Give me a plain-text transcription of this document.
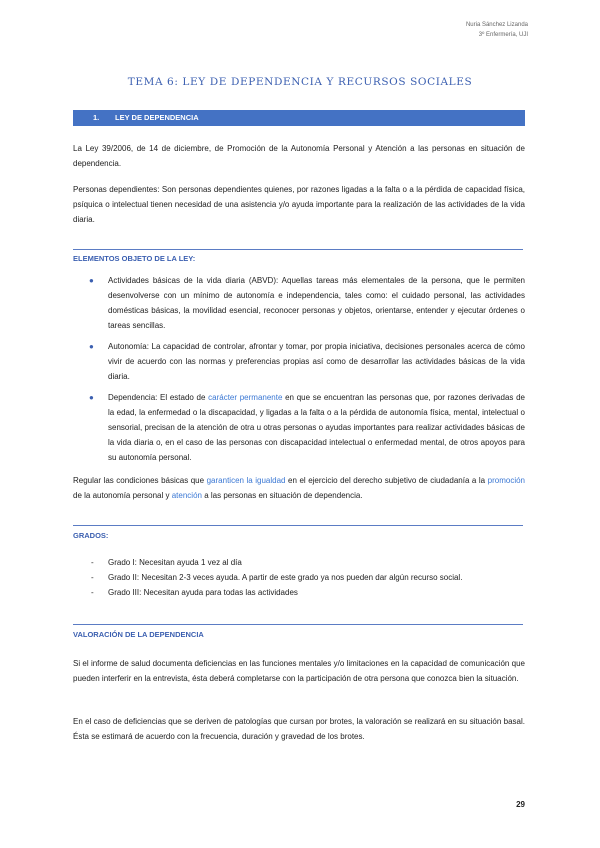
Nuria Sánchez Lizanda
3º Enfermería, UJI
TEMA 6: LEY DE DEPENDENCIA Y RECURSOS SOCIALES
1. LEY DE DEPENDENCIA
La Ley 39/2006, de 14 de diciembre, de Promoción de la Autonomía Personal y Atención a las personas en situación de dependencia.
Personas dependientes: Son personas dependientes quienes, por razones ligadas a la falta o a la pérdida de capacidad física, psíquica o intelectual tienen necesidad de una asistencia y/o ayuda importante para la realización de las actividades de la vida diaria.
ELEMENTOS OBJETO DE LA LEY:
● Actividades básicas de la vida diaria (ABVD): Aquellas tareas más elementales de la persona, que le permiten desenvolverse con un mínimo de autonomía e independencia, tales como: el cuidado personal, las actividades domésticas básicas, la movilidad esencial, reconocer personas y objetos, orientarse, entender y ejecutar órdenes o tareas sencillas.
● Autonomía: La capacidad de controlar, afrontar y tomar, por propia iniciativa, decisiones personales acerca de cómo vivir de acuerdo con las normas y preferencias propias así como de desarrollar las actividades básicas de la vida diaria.
● Dependencia: El estado de carácter permanente en que se encuentran las personas que, por razones derivadas de la edad, la enfermedad o la discapacidad, y ligadas a la falta o a la pérdida de autonomía física, mental, intelectual o sensorial, precisan de la atención de otra u otras personas o ayudas importantes para realizar actividades básicas de la vida diaria o, en el caso de las personas con discapacidad intelectual o enfermedad mental, de otros apoyos para su autonomía personal.
Regular las condiciones básicas que garanticen la igualdad en el ejercicio del derecho subjetivo de ciudadanía a la promoción de la autonomía personal y atención a las personas en situación de dependencia.
GRADOS:
- Grado I: Necesitan ayuda 1 vez al día
- Grado II: Necesitan 2-3 veces ayuda. A partir de este grado ya nos pueden dar algún recurso social.
- Grado III: Necesitan ayuda para todas las actividades
VALORACIÓN DE LA DEPENDENCIA
Si el informe de salud documenta deficiencias en las funciones mentales y/o limitaciones en la capacidad de comunicación que pueden interferir en la entrevista, ésta deberá completarse con la participación de otra persona que conozca bien la situación.
En el caso de deficiencias que se deriven de patologías que cursan por brotes, la valoración se realizará en su situación basal. Ésta se estimará de acuerdo con la frecuencia, duración y gravedad de los brotes.
29
